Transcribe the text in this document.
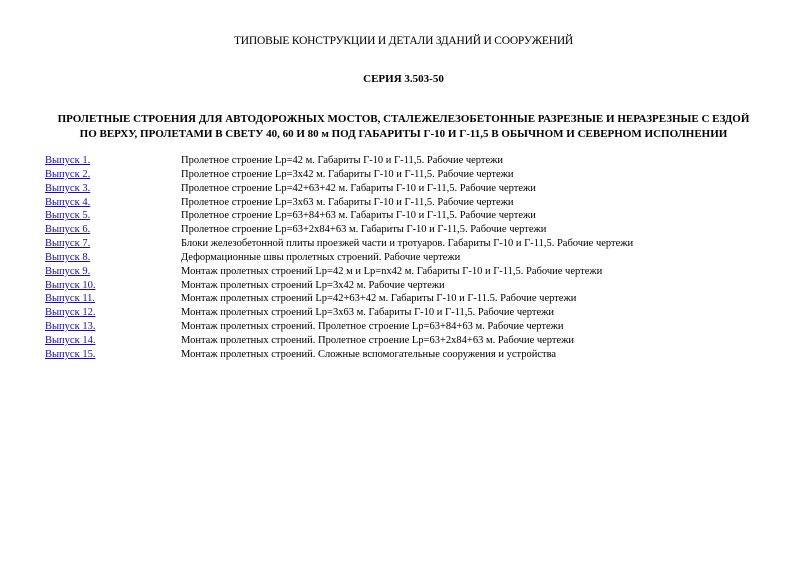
ТИПОВЫЕ КОНСТРУКЦИИ И ДЕТАЛИ ЗДАНИЙ И СООРУЖЕНИЙ
СЕРИЯ 3.503-50
ПРОЛЕТНЫЕ СТРОЕНИЯ ДЛЯ АВТОДОРОЖНЫХ МОСТОВ, СТАЛЕЖЕЛЕЗОБЕТОННЫЕ РАЗРЕЗНЫЕ И НЕРАЗРЕЗНЫЕ С ЕЗДОЙ ПО ВЕРХУ, ПРОЛЕТАМИ В СВЕТУ 40, 60 И 80 м ПОД ГАБАРИТЫ Г-10 И Г-11,5 В ОБЫЧНОМ И СЕВЕРНОМ ИСПОЛНЕНИИ
Выпуск 1.	Пролетное строение Lp=42 м. Габариты Г-10 и Г-11,5. Рабочие чертежи
Выпуск 2.	Пролетное строение Lp=3х42 м. Габариты Г-10 и Г-11,5. Рабочие чертежи
Выпуск 3.	Пролетное строение Lp=42+63+42 м. Габариты Г-10 и Г-11,5. Рабочие чертежи
Выпуск 4.	Пролетное строение Lp=3х63 м. Габариты Г-10 и Г-11,5. Рабочие чертежи
Выпуск 5.	Пролетное строение Lp=63+84+63 м. Габариты Г-10 и Г-11,5. Рабочие чертежи
Выпуск 6.	Пролетное строение Lp=63+2х84+63 м. Габариты Г-10 и Г-11,5. Рабочие чертежи
Выпуск 7.	Блоки железобетонной плиты проезжей части и тротуаров. Габариты Г-10 и Г-11,5. Рабочие чертежи
Выпуск 8.	Деформационные швы пролетных строений. Рабочие чертежи
Выпуск 9.	Монтаж пролетных строений Lp=42 м и Lp=nх42 м. Габариты Г-10 и Г-11,5. Рабочие чертежи
Выпуск 10.	Монтаж пролетных строений Lp=3х42 м. Рабочие чертежи
Выпуск 11.	Монтаж пролетных строений Lp=42+63+42 м. Габариты Г-10 и Г-11.5. Рабочие чертежи
Выпуск 12.	Монтаж пролетных строений Lp=3х63 м. Габариты Г-10 и Г-11,5. Рабочие чертежи
Выпуск 13.	Монтаж пролетных строений. Пролетное строение Lp=63+84+63 м. Рабочие чертежи
Выпуск 14.	Монтаж пролетных строений. Пролетное строение Lp=63+2х84+63 м. Рабочие чертежи
Выпуск 15.	Монтаж пролетных строений. Сложные вспомогательные сооружения и устройства
